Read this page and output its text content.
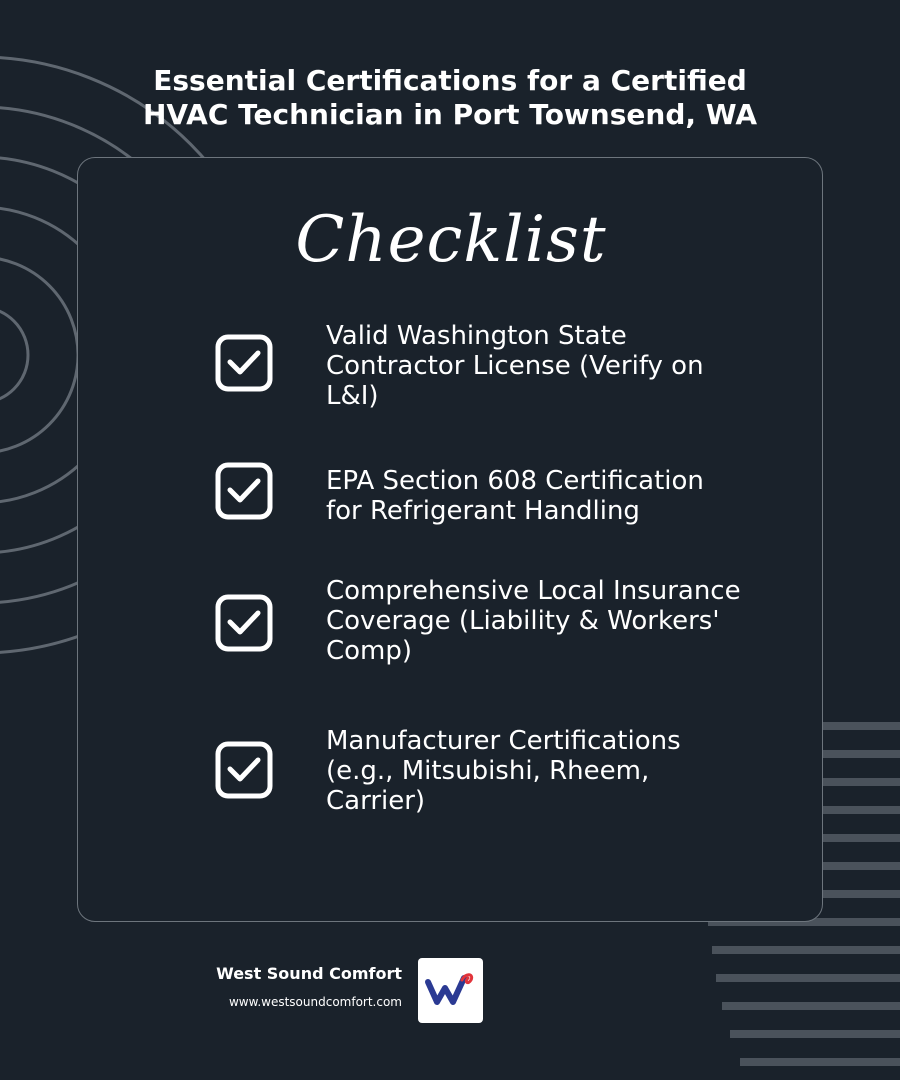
Essential Certifications for a Certified
HVAC Technician in Port Townsend, WA
Checklist
Valid Washington State Contractor License (Verify on L&I)
EPA Section 608 Certification for Refrigerant Handling
Comprehensive Local Insurance Coverage (Liability & Workers' Comp)
Manufacturer Certifications (e.g., Mitsubishi, Rheem, Carrier)
West Sound Comfort
www.westsoundcomfort.com
